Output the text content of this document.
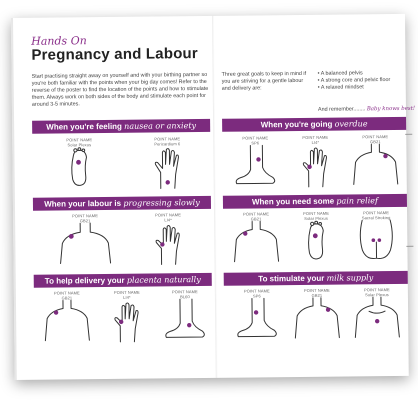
Hands On
Pregnancy and Labour
Start practising straight away on yourself and with your birthing partner so you're both familiar with the points when your big day comes! Refer to the reverse of the poster to find the location of the points and how to stimulate them. Always work on both sides of the body and stimulate each point for around 3-5 minutes.
Three great goals to keep in mind if you are striving for a gentle labour and delivery are:
• A balanced pelvis
• A strong core and pelvic floor
• A relaxed mindset
And remember........ Baby knows best!
When you're feeling nausea or anxiety	When you're going overdue
When your labour is progressing slowly	When you need some pain relief
To help delivery your placenta naturally	To stimulate your milk supply
POINT NAME
Solar Plexus
POINT NAME
Pericardium 6
POINT NAME
SP6
POINT NAME
LI4*
POINT NAME
GB21
POINT NAME
GB21
POINT NAME
LI4*
POINT NAME
GB21
POINT NAME
Solar Plexus
POINT NAME
Sacral Stroking
POINT NAME
GB21
POINT NAME
LI4*
POINT NAME
BL60
POINT NAME
SP6
POINT NAME
GB21
POINT NAME
Solar Plexus
